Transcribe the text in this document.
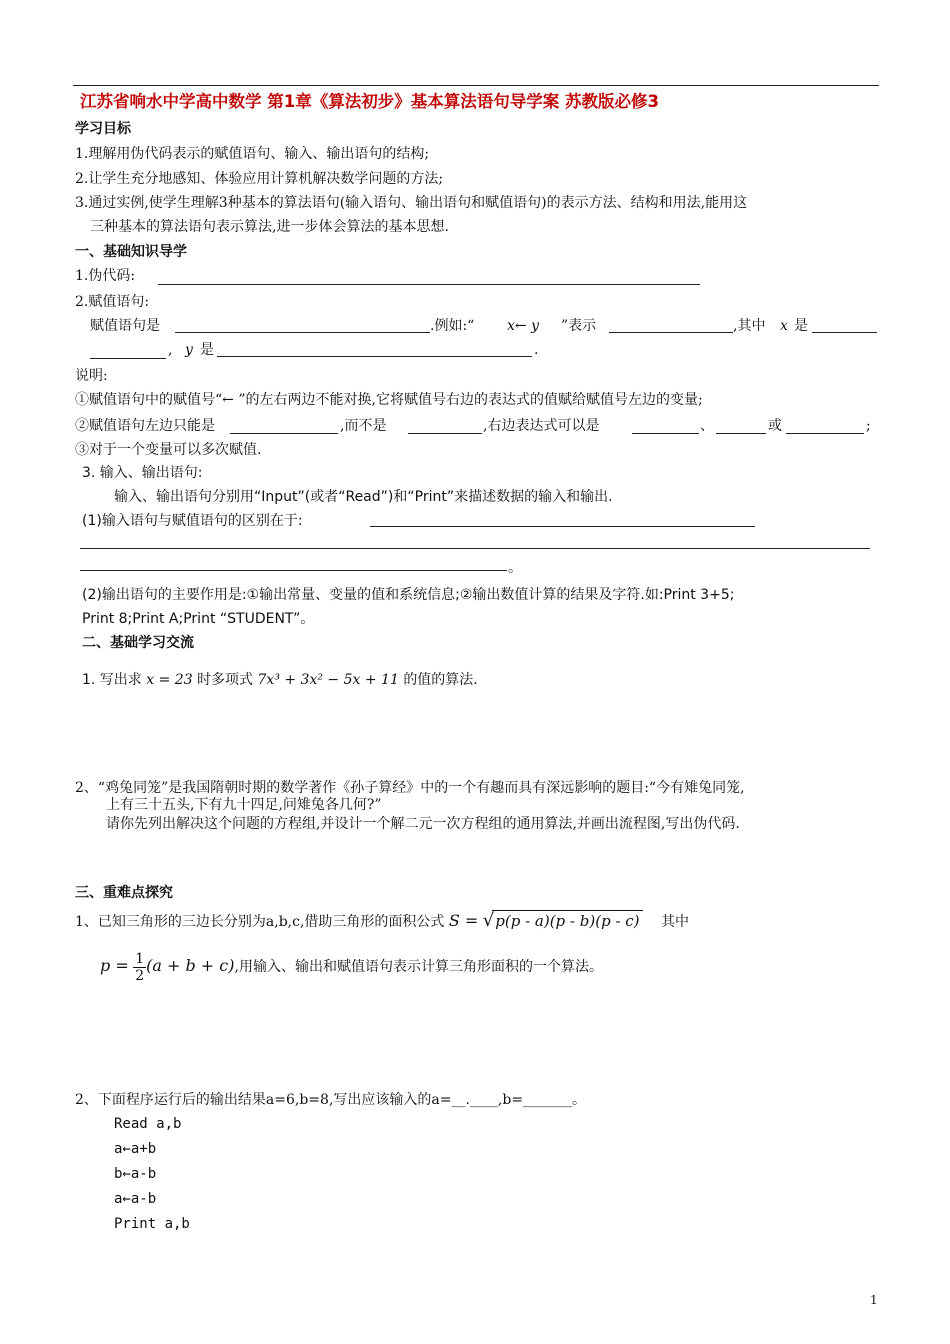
江苏省响水中学高中数学 第1章《算法初步》基本算法语句导学案 苏教版必修3
学习目标
1.理解用伪代码表示的赋值语句、输入、输出语句的结构;
2.让学生充分地感知、体验应用计算机解决数学问题的方法;
3.通过实例,使学生理解3种基本的算法语句(输入语句、输出语句和赋值语句)的表示方法、结构和用法,能用这
三种基本的算法语句表示算法,进一步体会算法的基本思想.
一、基础知识导学
1.伪代码:
2.赋值语句:
赋值语句是	.例如:“ x← y ”表示	,其中 x 是
, y 是	.
说明:
①赋值语句中的赋值号“← ”的左右两边不能对换,它将赋值号右边的表达式的值赋给赋值号左边的变量;
②赋值语句左边只能是	,而不是	,右边表达式可以是	、	或	;
③对于一个变量可以多次赋值.
3. 输入、输出语句:
输入、输出语句分别用“Input”(或者“Read”)和“Print”来描述数据的输入和输出.
(1)输入语句与赋值语句的区别在于:
。
(2)输出语句的主要作用是:①输出常量、变量的值和系统信息;②输出数值计算的结果及字符.如:Print 3+5;
Print 8;Print A;Print “STUDENT”。
二、基础学习交流
1. 写出求 x = 23 时多项式 7x³ + 3x² − 5x + 11 的值的算法.
2、“鸡兔同笼”是我国隋朝时期的数学著作《孙子算经》中的一个有趣而具有深远影响的题目:“今有雉兔同笼,
上有三十五头,下有九十四足,问雉兔各几何?”
请你先列出解决这个问题的方程组,并设计一个解二元一次方程组的通用算法,并画出流程图,写出伪代码.
三、重难点探究
1、已知三角形的三边长分别为a,b,c,借助三角形的面积公式 S = √p(p - a)(p - b)(p - c) 其中
$p = \frac{1}{2} (a + b + c)$,用输入、输出和赋值语句表示计算三角形面积的一个算法。
2、下面程序运行后的输出结果a=6,b=8,写出应该输入的a=__.____,b=_______。
Read a,b
a←a+b
b←a-b
a←a-b
Print a,b
1
